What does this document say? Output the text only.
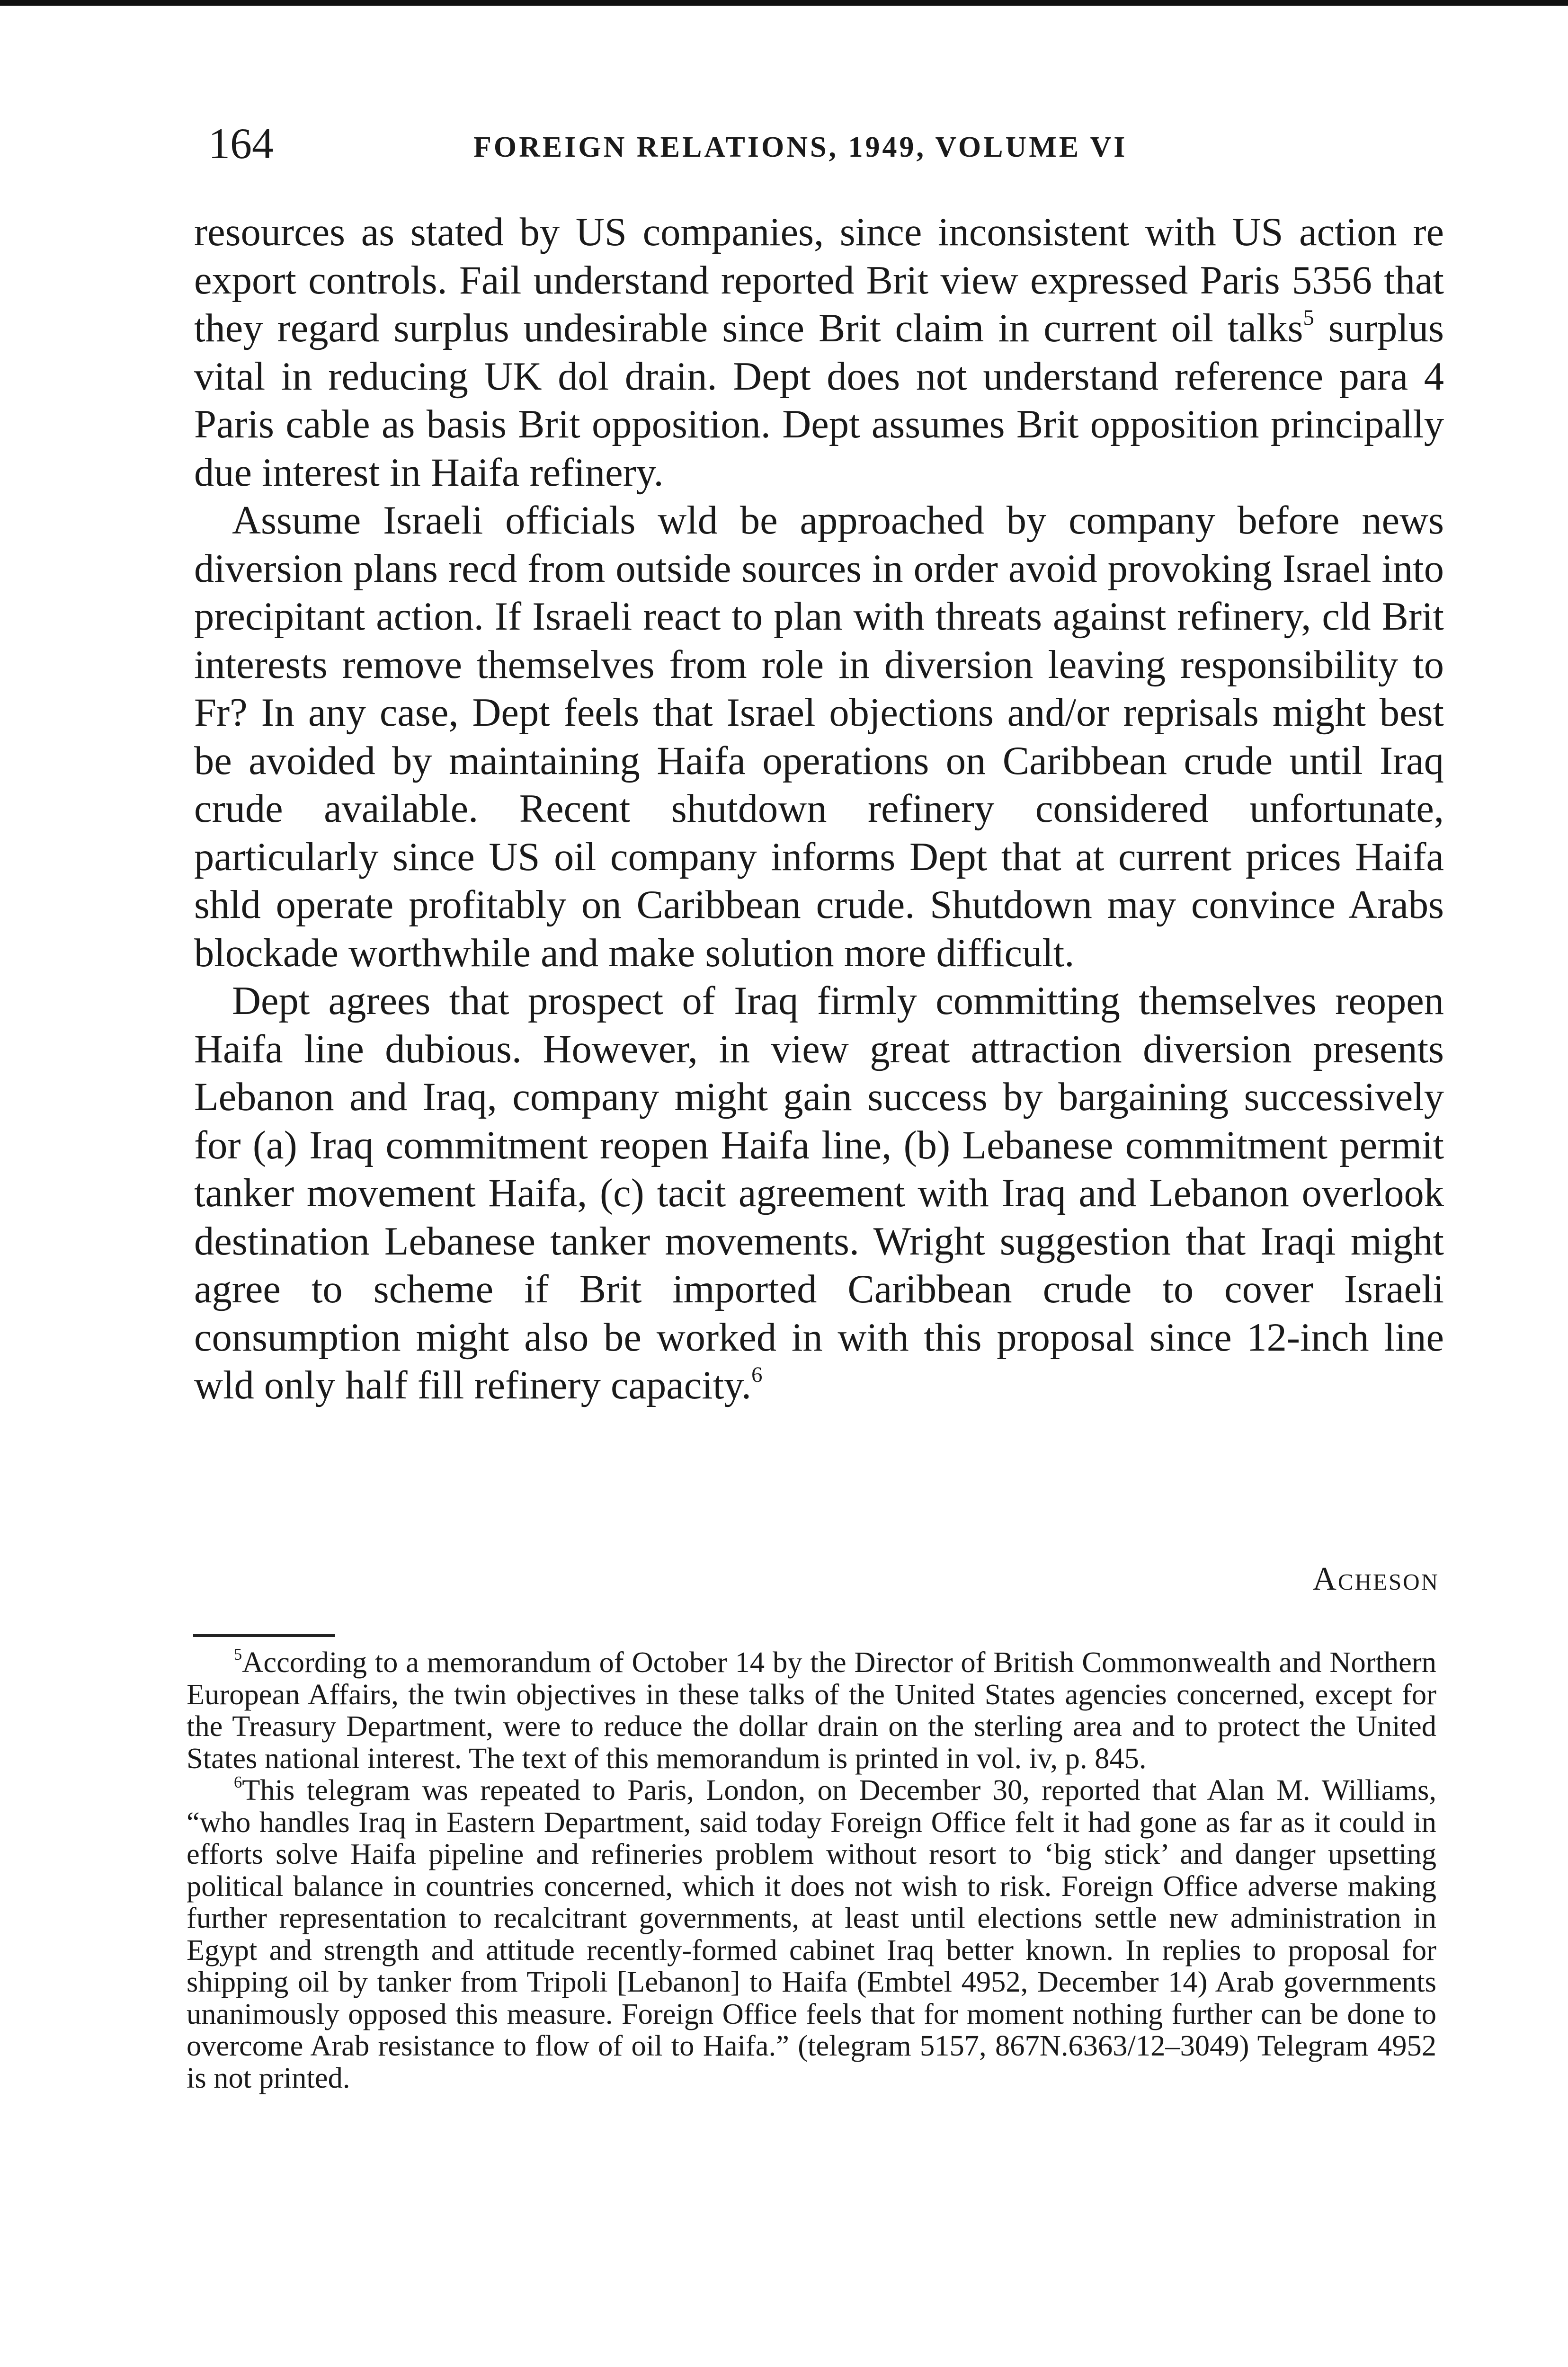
164	FOREIGN RELATIONS, 1949, VOLUME VI

resources as stated by US companies, since inconsistent with US action re export controls. Fail understand reported Brit view expressed Paris 5356 that they regard surplus undesirable since Brit claim in current oil talks$^5$ surplus vital in reducing UK dol drain. Dept does not understand reference para 4 Paris cable as basis Brit opposition. Dept assumes Brit opposition principally due interest in Haifa refinery.

Assume Israeli officials wld be approached by company before news diversion plans recd from outside sources in order avoid provoking Israel into precipitant action. If Israeli react to plan with threats against refinery, cld Brit interests remove themselves from role in diversion leaving responsibility to Fr? In any case, Dept feels that Israel objections and/or reprisals might best be avoided by maintaining Haifa operations on Caribbean crude until Iraq crude available. Recent shutdown refinery considered unfortunate, particularly since US oil company informs Dept that at current prices Haifa shld operate profitably on Caribbean crude. Shutdown may convince Arabs blockade worthwhile and make solution more difficult.

Dept agrees that prospect of Iraq firmly committing themselves reopen Haifa line dubious. However, in view great attraction diversion presents Lebanon and Iraq, company might gain success by bargaining successively for (a) Iraq commitment reopen Haifa line, (b) Lebanese commitment permit tanker movement Haifa, (c) tacit agreement with Iraq and Lebanon overlook destination Lebanese tanker movements. Wright suggestion that Iraqi might agree to scheme if Brit imported Caribbean crude to cover Israeli consumption might also be worked in with this proposal since 12-inch line wld only half fill refinery capacity.$^6$

Acheson

$^5$According to a memorandum of October 14 by the Director of British Commonwealth and Northern European Affairs, the twin objectives in these talks of the United States agencies concerned, except for the Treasury Department, were to reduce the dollar drain on the sterling area and to protect the United States national interest. The text of this memorandum is printed in vol. iv, p. 845.

$^6$This telegram was repeated to Paris, London, on December 30, reported that Alan M. Williams, “who handles Iraq in Eastern Department, said today Foreign Office felt it had gone as far as it could in efforts solve Haifa pipeline and refineries problem without resort to ‘big stick’ and danger upsetting political balance in countries concerned, which it does not wish to risk. Foreign Office adverse making further representation to recalcitrant governments, at least until elections settle new administration in Egypt and strength and attitude recently-formed cabinet Iraq better known. In replies to proposal for shipping oil by tanker from Tripoli [Lebanon] to Haifa (Embtel 4952, December 14) Arab governments unanimously opposed this measure. Foreign Office feels that for moment nothing further can be done to overcome Arab resistance to flow of oil to Haifa.” (telegram 5157, 867N.6363/12–3049) Telegram 4952 is not printed.
